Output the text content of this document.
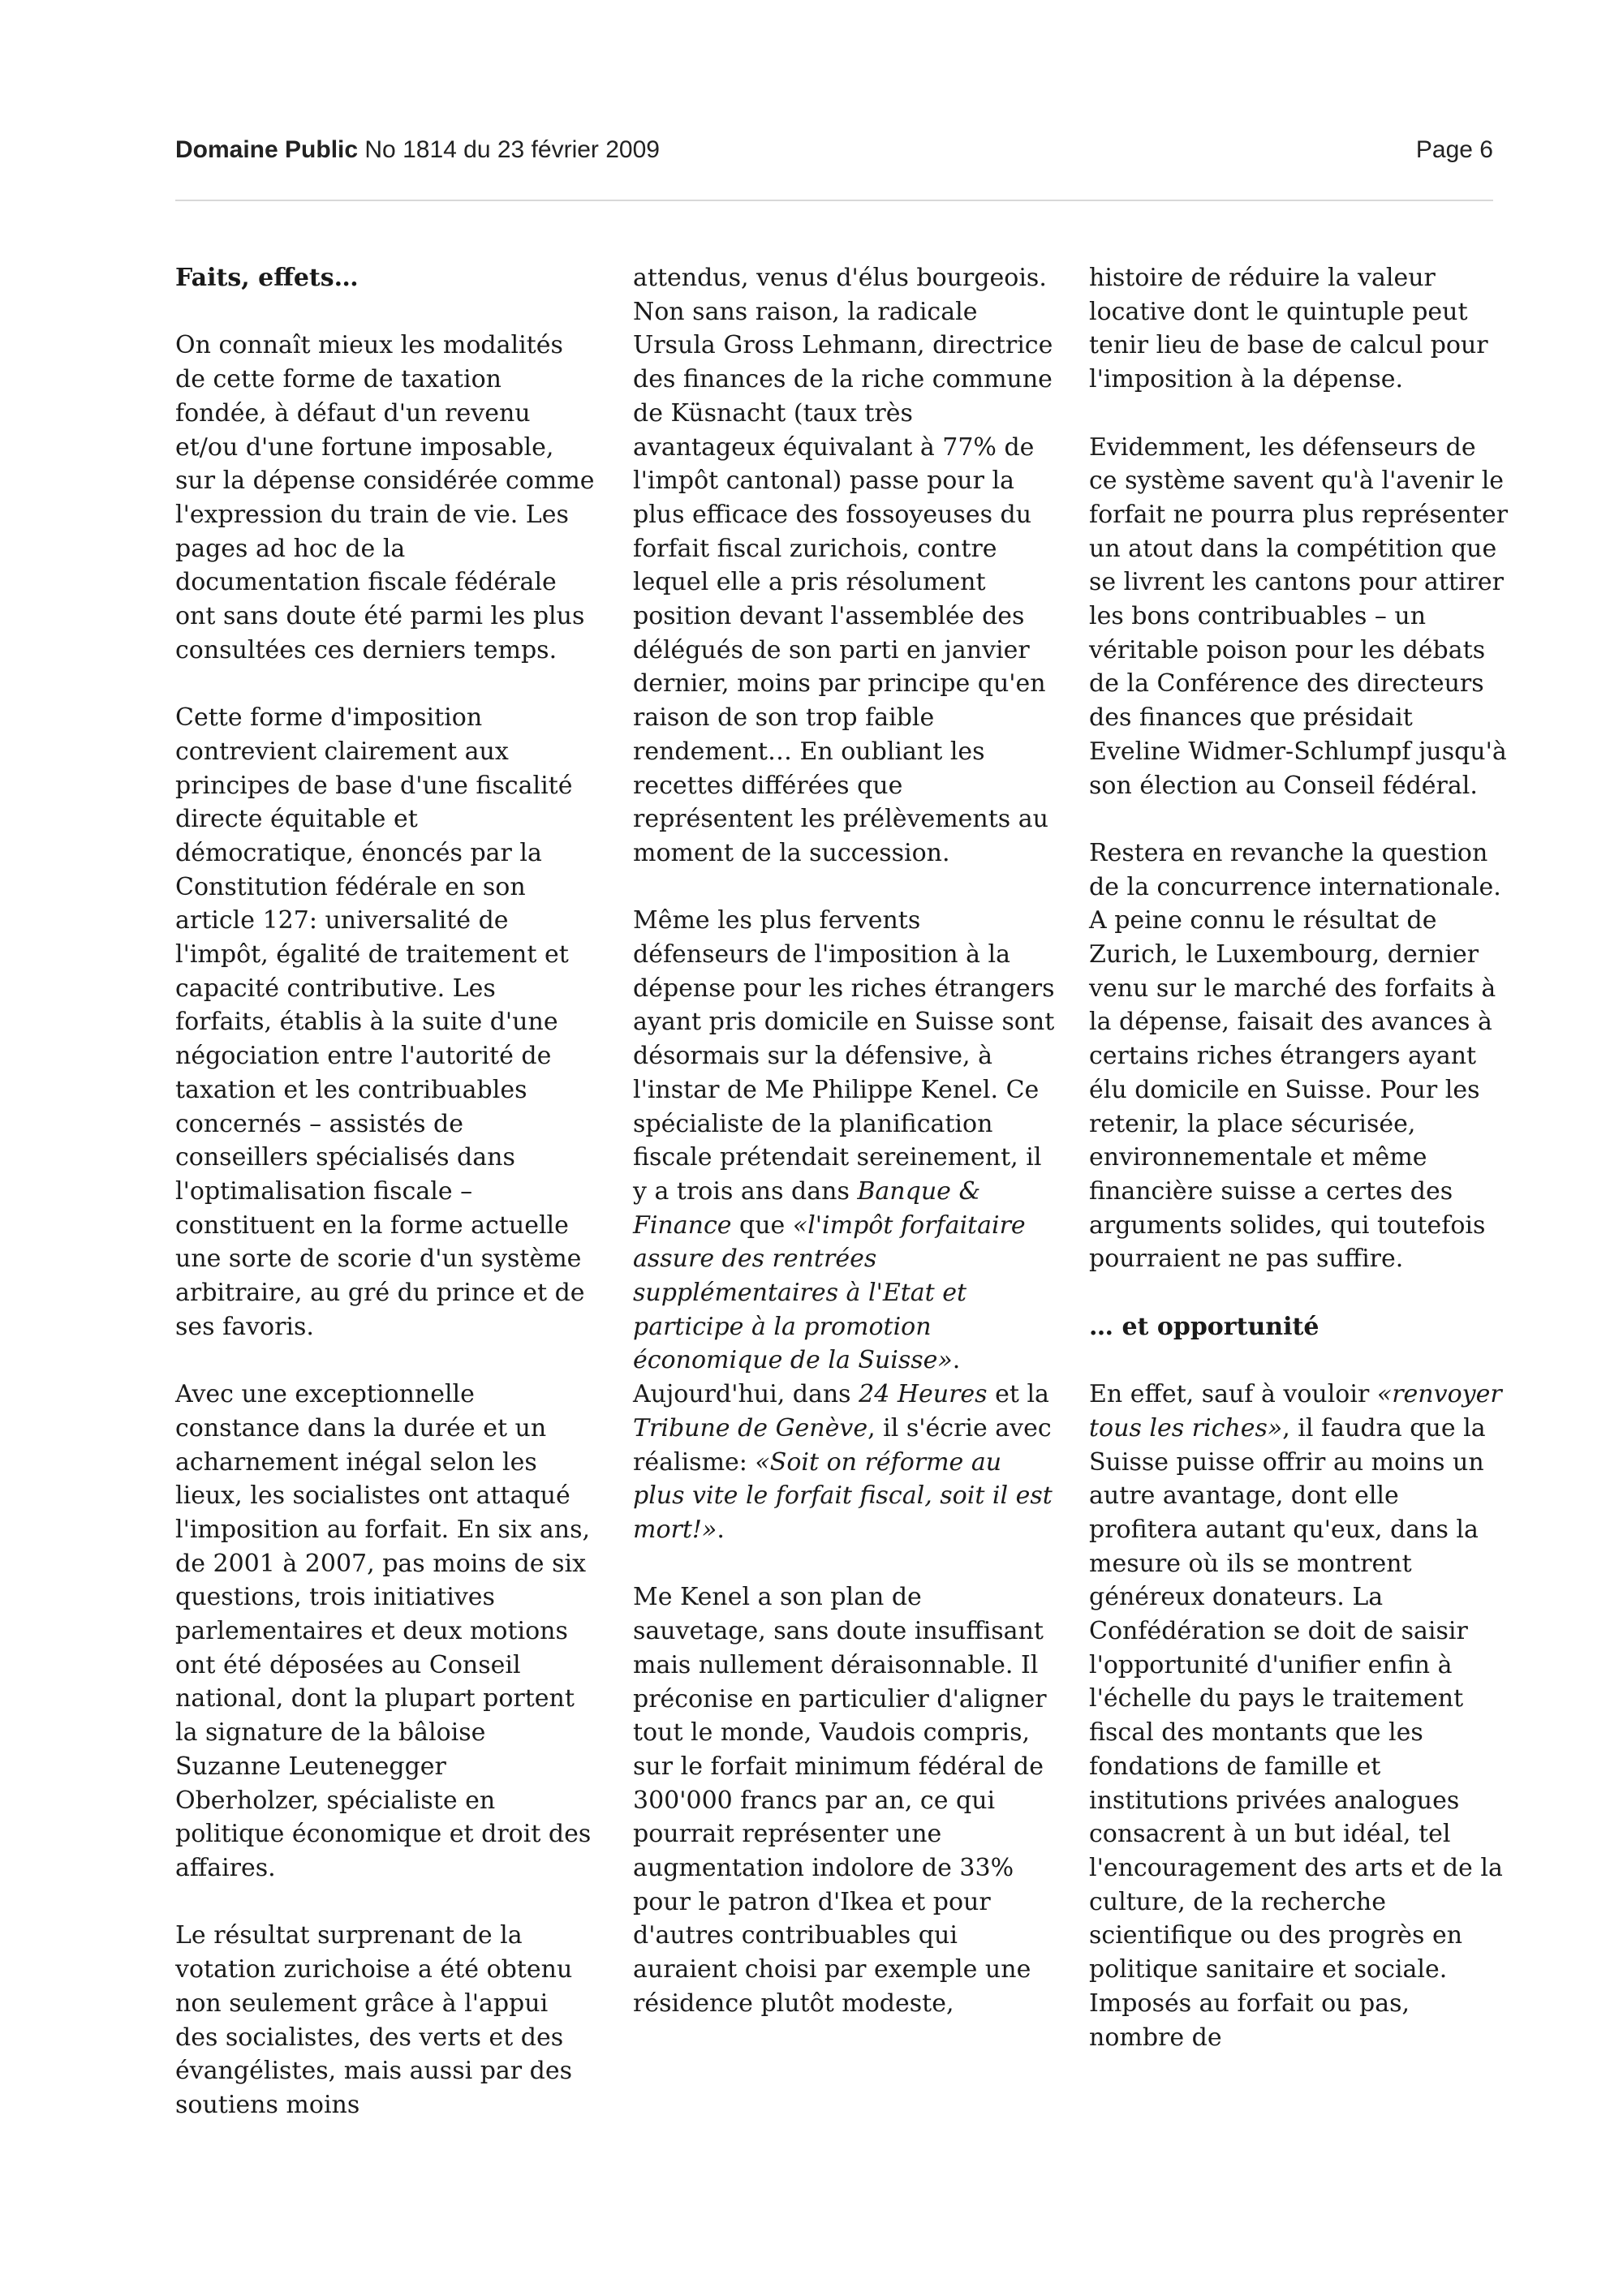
Domaine Public No 1814 du 23 février 2009	Page 6
Faits, effets…

On connaît mieux les modalités de cette forme de taxation fondée, à défaut d'un revenu et/ou d'une fortune imposable, sur la dépense considérée comme l'expression du train de vie. Les pages ad hoc de la documentation fiscale fédérale ont sans doute été parmi les plus consultées ces derniers temps.

Cette forme d'imposition contrevient clairement aux principes de base d'une fiscalité directe équitable et démocratique, énoncés par la Constitution fédérale en son article 127: universalité de l'impôt, égalité de traitement et capacité contributive. Les forfaits, établis à la suite d'une négociation entre l'autorité de taxation et les contribuables concernés – assistés de conseillers spécialisés dans l'optimalisation fiscale – constituent en la forme actuelle une sorte de scorie d'un système arbitraire, au gré du prince et de ses favoris.

Avec une exceptionnelle constance dans la durée et un acharnement inégal selon les lieux, les socialistes ont attaqué l'imposition au forfait. En six ans, de 2001 à 2007, pas moins de six questions, trois initiatives parlementaires et deux motions ont été déposées au Conseil national, dont la plupart portent la signature de la bâloise Suzanne Leutenegger Oberholzer, spécialiste en politique économique et droit des affaires.

Le résultat surprenant de la votation zurichoise a été obtenu non seulement grâce à l'appui des socialistes, des verts et des évangélistes, mais aussi par des soutiens moins

attendus, venus d'élus bourgeois. Non sans raison, la radicale Ursula Gross Lehmann, directrice des finances de la riche commune de Küsnacht (taux très avantageux équivalant à 77% de l'impôt cantonal) passe pour la plus efficace des fossoyeuses du forfait fiscal zurichois, contre lequel elle a pris résolument position devant l'assemblée des délégués de son parti en janvier dernier, moins par principe qu'en raison de son trop faible rendement… En oubliant les recettes différées que représentent les prélèvements au moment de la succession.

Même les plus fervents défenseurs de l'imposition à la dépense pour les riches étrangers ayant pris domicile en Suisse sont désormais sur la défensive, à l'instar de Me Philippe Kenel. Ce spécialiste de la planification fiscale prétendait sereinement, il y a trois ans dans Banque & Finance que «l'impôt forfaitaire assure des rentrées supplémentaires à l'Etat et participe à la promotion économique de la Suisse». Aujourd'hui, dans 24 Heures et la Tribune de Genève, il s'écrie avec réalisme: «Soit on réforme au plus vite le forfait fiscal, soit il est mort!».

Me Kenel a son plan de sauvetage, sans doute insuffisant mais nullement déraisonnable. Il préconise en particulier d'aligner tout le monde, Vaudois compris, sur le forfait minimum fédéral de 300'000 francs par an, ce qui pourrait représenter une augmentation indolore de 33% pour le patron d'Ikea et pour d'autres contribuables qui auraient choisi par exemple une résidence plutôt modeste,

histoire de réduire la valeur locative dont le quintuple peut tenir lieu de base de calcul pour l'imposition à la dépense.

Evidemment, les défenseurs de ce système savent qu'à l'avenir le forfait ne pourra plus représenter un atout dans la compétition que se livrent les cantons pour attirer les bons contribuables – un véritable poison pour les débats de la Conférence des directeurs des finances que présidait Eveline Widmer-Schlumpf jusqu'à son élection au Conseil fédéral.

Restera en revanche la question de la concurrence internationale. A peine connu le résultat de Zurich, le Luxembourg, dernier venu sur le marché des forfaits à la dépense, faisait des avances à certains riches étrangers ayant élu domicile en Suisse. Pour les retenir, la place sécurisée, environnementale et même financière suisse a certes des arguments solides, qui toutefois pourraient ne pas suffire.

… et opportunité

En effet, sauf à vouloir «renvoyer tous les riches», il faudra que la Suisse puisse offrir au moins un autre avantage, dont elle profitera autant qu'eux, dans la mesure où ils se montrent généreux donateurs. La Confédération se doit de saisir l'opportunité d'unifier enfin à l'échelle du pays le traitement fiscal des montants que les fondations de famille et institutions privées analogues consacrent à un but idéal, tel l'encouragement des arts et de la culture, de la recherche scientifique ou des progrès en politique sanitaire et sociale. Imposés au forfait ou pas, nombre de
